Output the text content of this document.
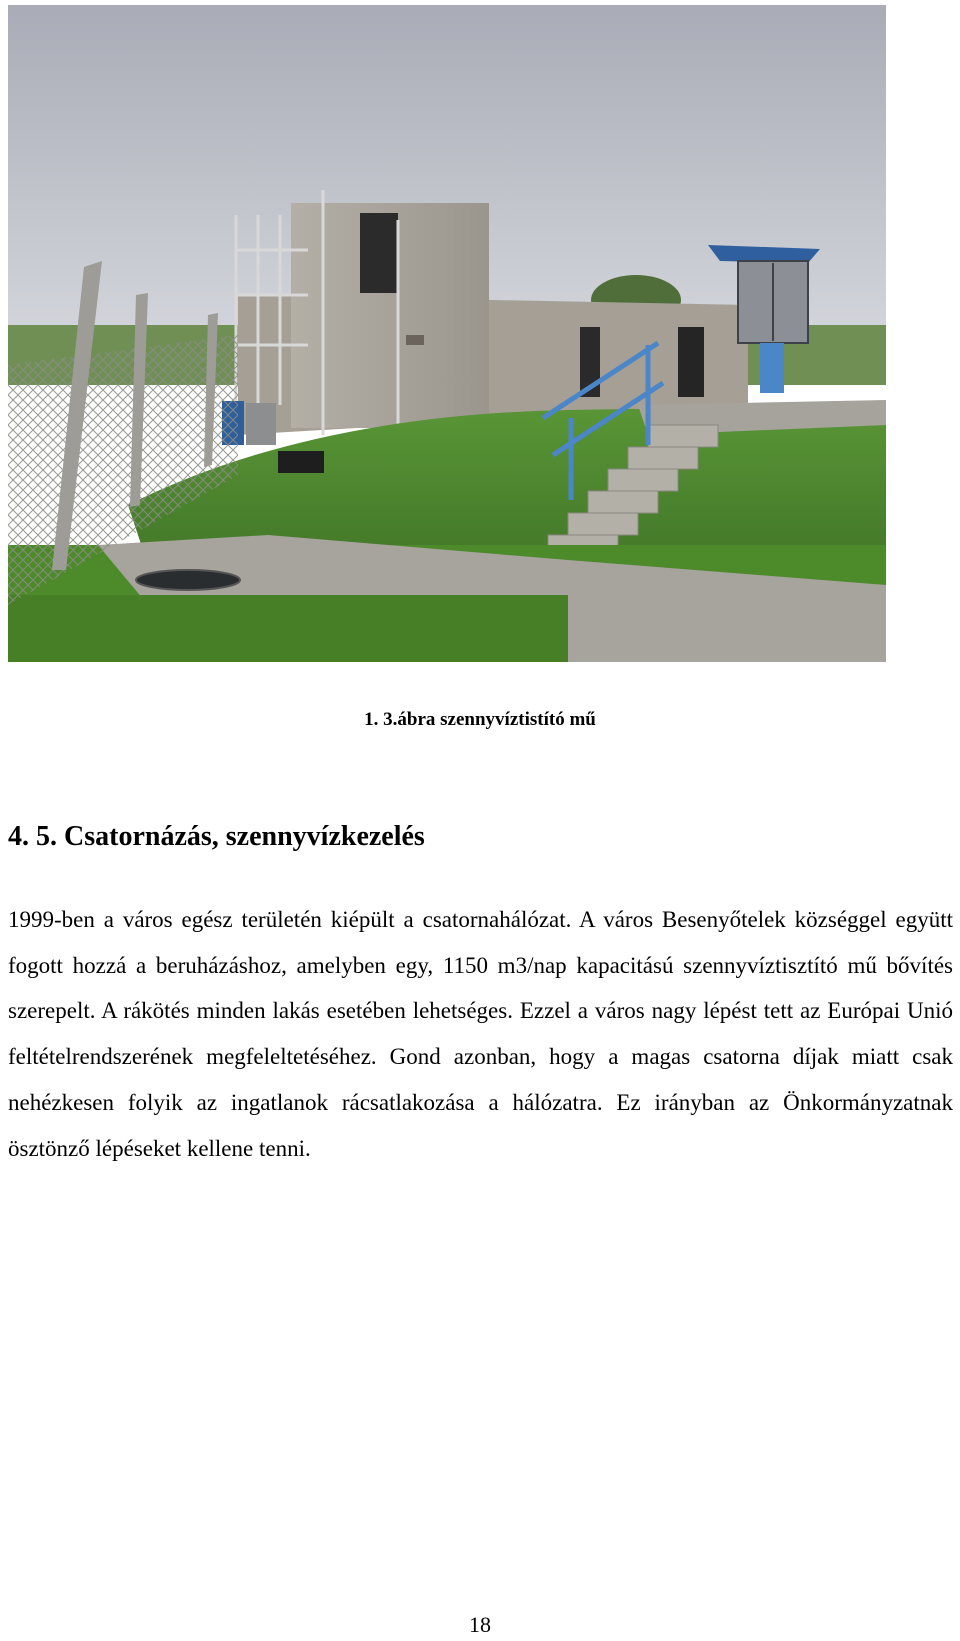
1. 3.ábra szennyvíztistító mű
4. 5. Csatornázás, szennyvízkezelés

1999-ben a város egész területén kiépült a csatornahálózat. A város Besenyőtelek községgel együtt fogott hozzá a beruházáshoz, amelyben egy, 1150 m3/nap kapacitású szennyvíztisztító mű bővítés szerepelt. A rákötés minden lakás esetében lehetséges. Ezzel a város nagy lépést tett az Európai Unió feltételrendszerének megfeleltetéséhez. Gond azonban, hogy a magas csatorna díjak miatt csak nehézkesen folyik az ingatlanok rácsatlakozása a hálózatra. Ez irányban az Önkormányzatnak ösztönző lépéseket kellene tenni.

18
